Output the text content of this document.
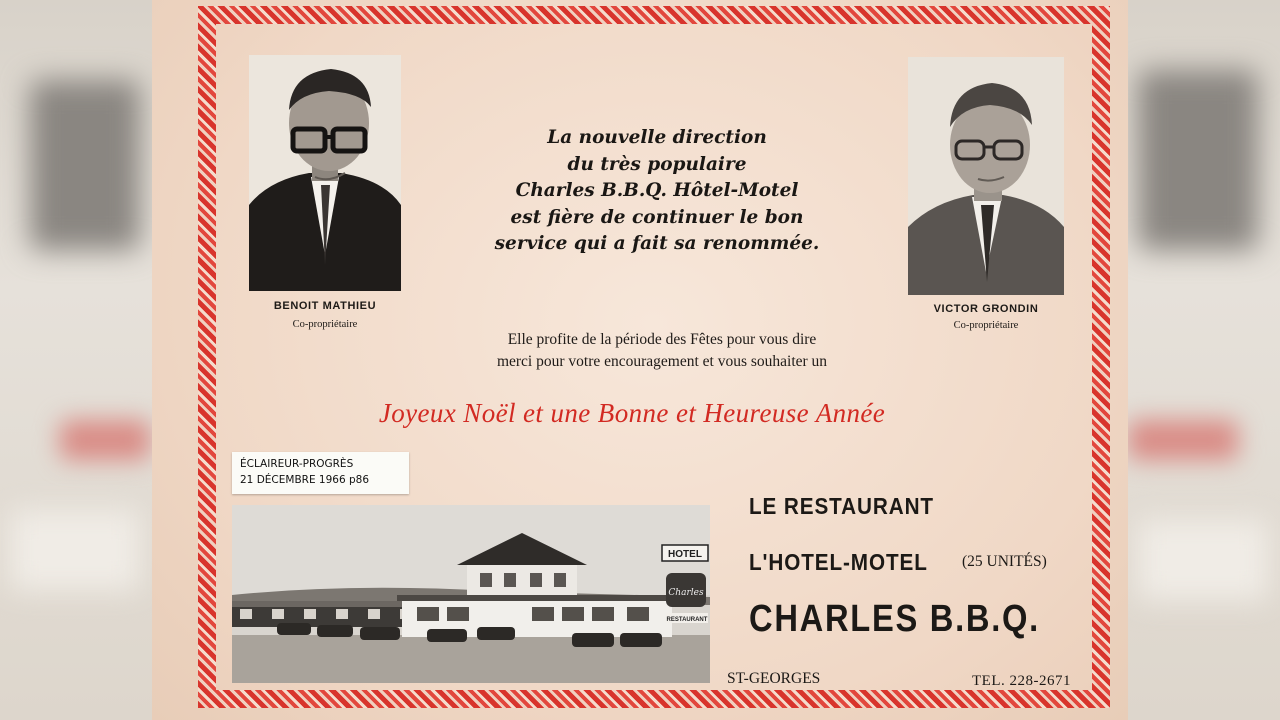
BENOIT MATHIEU
Co-propriétaire
VICTOR GRONDIN
Co-propriétaire
La nouvelle direction
du très populaire
Charles B.B.Q. Hôtel-Motel
est fière de continuer le bon
service qui a fait sa renommée.
Elle profite de la période des Fêtes pour vous dire
merci pour votre encouragement et vous souhaiter un
Joyeux Noël et une Bonne et Heureuse Année
ÉCLAIREUR-PROGRÈS
21 DÉCEMBRE 1966 p86
HOTEL
Charles
RESTAURANT
LE RESTAURANT
L'HOTEL-MOTEL (25 UNITÉS)
CHARLES B.B.Q.
ST-GEORGES	TEL. 228-2671
